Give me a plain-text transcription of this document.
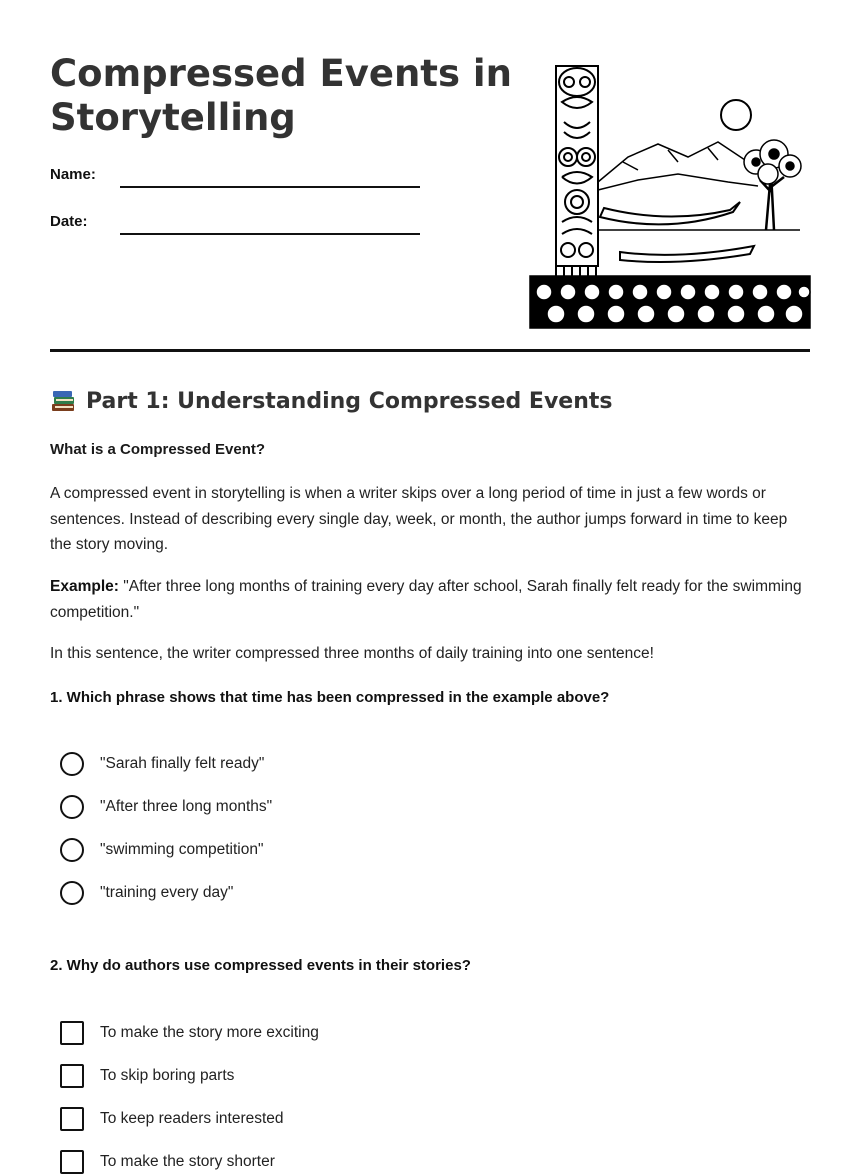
Compressed Events in Storytelling
Name:
Date:
Part 1: Understanding Compressed Events
What is a Compressed Event?

A compressed event in storytelling is when a writer skips over a long period of time in just a few words or sentences. Instead of describing every single day, week, or month, the author jumps forward in time to keep the story moving.

Example: "After three long months of training every day after school, Sarah finally felt ready for the swimming competition."

In this sentence, the writer compressed three months of daily training into one sentence!

1. Which phrase shows that time has been compressed in the example above?
"Sarah finally felt ready"
"After three long months"
"swimming competition"
"training every day"
2. Why do authors use compressed events in their stories?
To make the story more exciting
To skip boring parts
To keep readers interested
To make the story shorter
